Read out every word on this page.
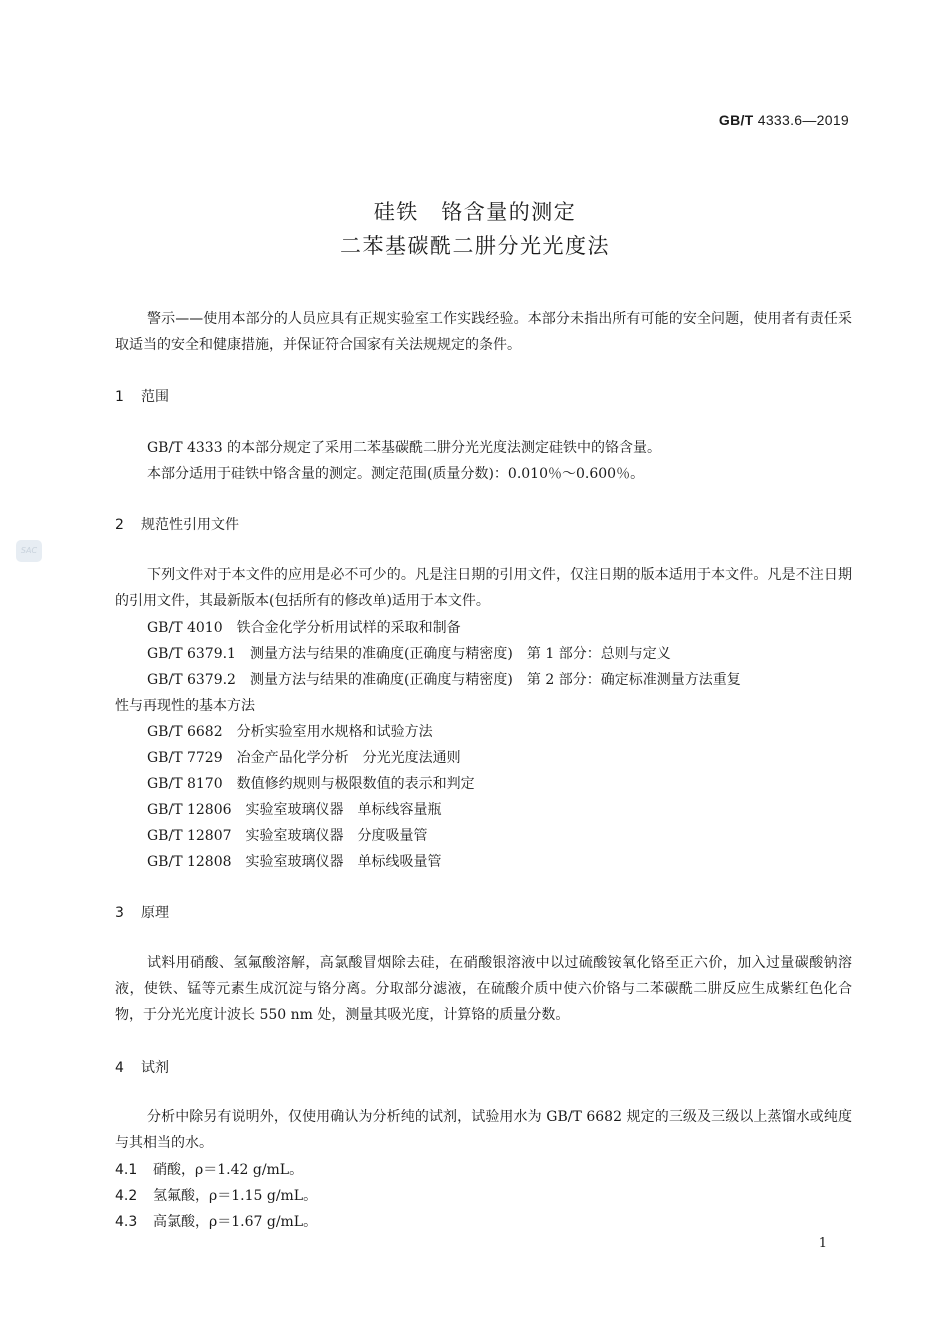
GB/T 4333.6—2019
硅铁　铬含量的测定
二苯基碳酰二肼分光光度法
警示——使用本部分的人员应具有正规实验室工作实践经验。本部分未指出所有可能的安全问题，使用者有责任采取适当的安全和健康措施，并保证符合国家有关法规规定的条件。
SAC
1 范围
GB/T 4333 的本部分规定了采用二苯基碳酰二肼分光光度法测定硅铁中的铬含量。
本部分适用于硅铁中铬含量的测定。测定范围(质量分数)：0.010％～0.600％。
2 规范性引用文件
下列文件对于本文件的应用是必不可少的。凡是注日期的引用文件，仅注日期的版本适用于本文件。凡是不注日期的引用文件，其最新版本(包括所有的修改单)适用于本文件。
GB/T 4010 铁合金化学分析用试样的采取和制备
GB/T 6379.1 测量方法与结果的准确度(正确度与精密度)　第 1 部分：总则与定义
GB/T 6379.2 测量方法与结果的准确度(正确度与精密度)　第 2 部分：确定标准测量方法重复
性与再现性的基本方法
GB/T 6682 分析实验室用水规格和试验方法
GB/T 7729 冶金产品化学分析　分光光度法通则
GB/T 8170 数值修约规则与极限数值的表示和判定
GB/T 12806 实验室玻璃仪器　单标线容量瓶
GB/T 12807 实验室玻璃仪器　分度吸量管
GB/T 12808 实验室玻璃仪器　单标线吸量管
3 原理
试料用硝酸、氢氟酸溶解，高氯酸冒烟除去硅，在硝酸银溶液中以过硫酸铵氧化铬至正六价，加入过量碳酸钠溶液，使铁、锰等元素生成沉淀与铬分离。分取部分滤液，在硫酸介质中使六价铬与二苯碳酰二肼反应生成紫红色化合物，于分光光度计波长 550 nm 处，测量其吸光度，计算铬的质量分数。
4 试剂
分析中除另有说明外，仅使用确认为分析纯的试剂，试验用水为 GB/T 6682 规定的三级及三级以上蒸馏水或纯度与其相当的水。
4.1 硝酸，ρ＝1.42 g/mL。
4.2 氢氟酸，ρ＝1.15 g/mL。
4.3 高氯酸，ρ＝1.67 g/mL。
1
